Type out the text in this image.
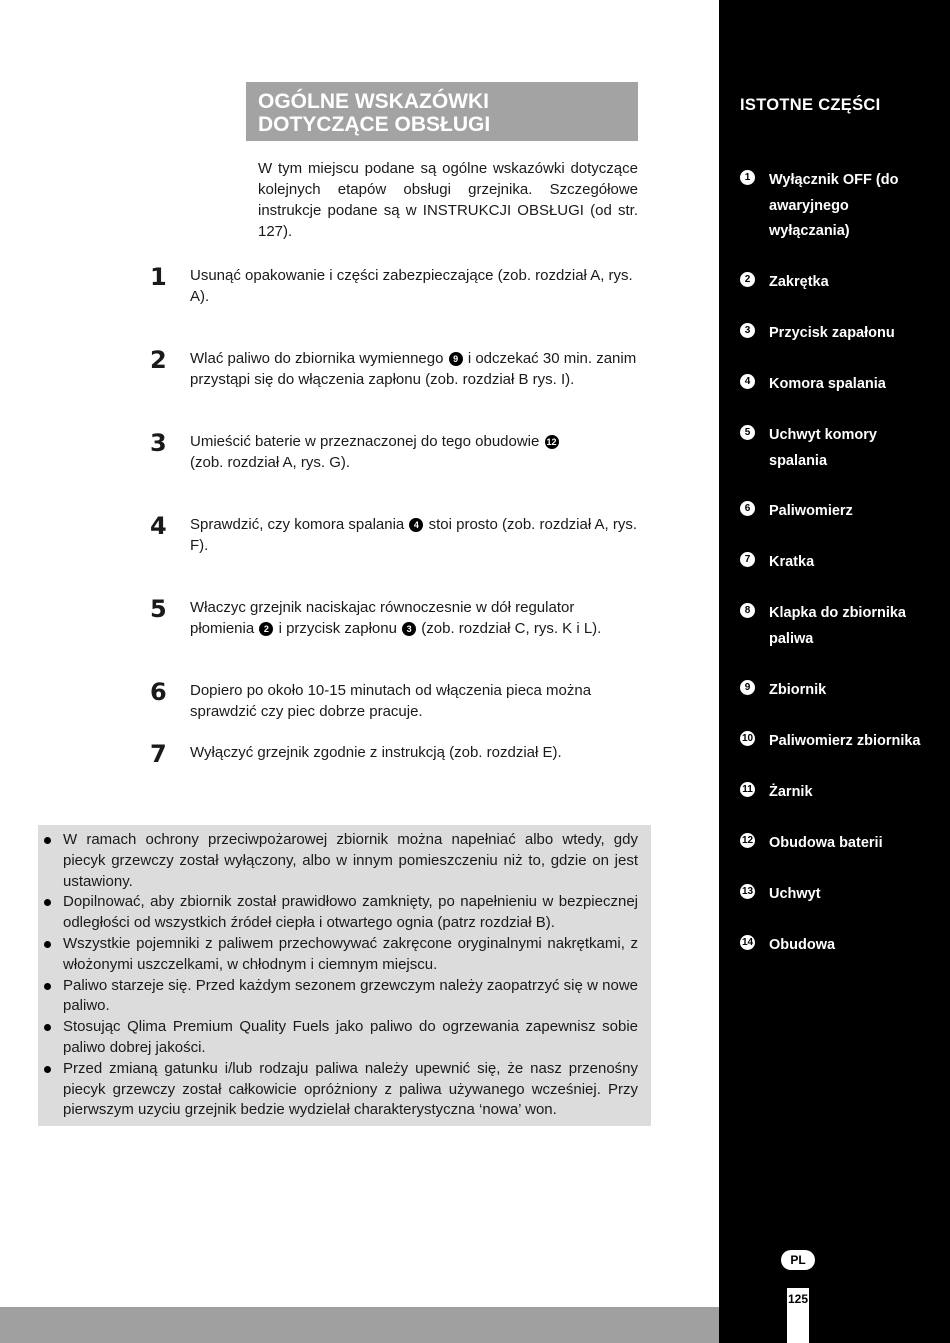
OGÓLNE WSKAZÓWKI
DOTYCZĄCE OBSŁUGI
W tym miejscu podane są ogólne wskazówki dotyczące kolejnych etapów obsługi grzejnika. Szczegółowe instrukcje podane są w INSTRUKCJI OBSŁUGI (od str. 127).
1 Usunąć opakowanie i części zabezpieczające (zob. rozdział A, rys. A).
2 Wlać paliwo do zbiornika wymiennego 9 i odczekać 30 min. zanim przystąpi się do włączenia zapłonu (zob. rozdział B rys. I).
3 Umieścić baterie w przeznaczonej do tego obudowie 12
(zob. rozdział A, rys. G).
4 Sprawdzić, czy komora spalania 4 stoi prosto (zob. rozdział A, rys. F).
5 Właczyc grzejnik naciskajac równoczesnie w dół regulator płomienia 2 i przycisk zapłonu 3 (zob. rozdział C, rys. K i L).
6 Dopiero po około 10-15 minutach od włączenia pieca można sprawdzić czy piec dobrze pracuje.
7 Wyłączyć grzejnik zgodnie z instrukcją (zob. rozdział E).
W ramach ochrony przeciwpożarowej zbiornik można napełniać albo wtedy, gdy piecyk grzewczy został wyłączony, albo w innym pomieszczeniu niż to, gdzie on jest ustawiony.
Dopilnować, aby zbiornik został prawidłowo zamknięty, po napełnieniu w bezpiecznej odległości od wszystkich źródeł ciepła i otwartego ognia (patrz rozdział B).
Wszystkie pojemniki z paliwem przechowywać zakręcone oryginalnymi nakrętkami, z włożonymi uszczelkami, w chłodnym i ciemnym miejscu.
Paliwo starzeje się. Przed każdym sezonem grzewczym należy zaopatrzyć się w nowe paliwo.
Stosując Qlima Premium Quality Fuels jako paliwo do ogrzewania zapewnisz sobie paliwo dobrej jakości.
Przed zmianą gatunku i/lub rodzaju paliwa należy upewnić się, że nasz przenośny piecyk grzewczy został całkowicie opróżniony z paliwa używanego wcześniej. Przy pierwszym uzyciu grzejnik bedzie wydzielał charakterystyczna ‘nowa’ won.
ISTOTNE CZĘŚCI
1	Wyłącznik OFF (do awaryjnego wyłączania)
2	Zakrętka
3	Przycisk zapałonu
4	Komora spalania
5	Uchwyt komory spalania
6	Paliwomierz
7	Kratka
8	Klapka do zbiornika paliwa
9	Zbiornik
10 Paliwomierz zbiornika
11 Żarnik
12 Obudowa baterii
13 Uchwyt
14 Obudowa
PL
125
